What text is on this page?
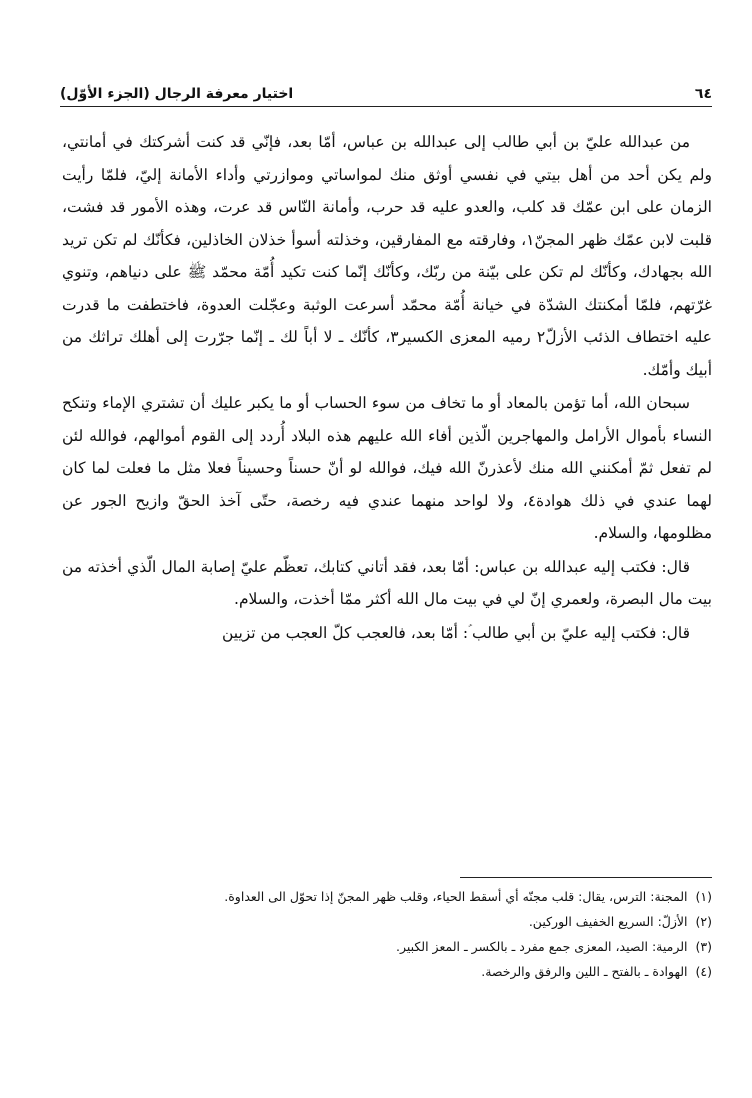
٦٤
اختيار معرفة الرجال (الجزء الأوّل)

من عبدالله عليّ بن أبي طالب إلى عبدالله بن عباس، أمّا بعد، فإنّي قد كنت أشركتك في أمانتي، ولم يكن أحد من أهل بيتي في نفسي أوثق منك لمواساتي وموازرتي وأداء الأمانة إليّ، فلمّا رأيت الزمان على ابن عمّك قد كلب، والعدو عليه قد حرب، وأمانة النّاس قد عرت، وهذه الأمور قد فشت، قلبت لابن عمّك ظهر المجنّ١، وفارقته مع المفارقين، وخذلته أسوأ خذلان الخاذلين، فكأنّك لم تكن تريد الله بجهادك، وكأنّك لم تكن على بيّنة من ربّك، وكأنّك إنّما كنت تكيد أُمّة محمّد ﷺ على دنياهم، وتنوي غرّتهم، فلمّا أمكنتك الشدّة في خيانة أُمّة محمّد أسرعت الوثبة وعجّلت العدوة، فاختطفت ما قدرت عليه اختطاف الذئب الأزلّ٢ رميه المعزى الكسير٣، كأنّك ـ لا أباً لك ـ إنّما جرّرت إلى أهلك تراثك من أبيك وأمّك.

سبحان الله، أما تؤمن بالمعاد أو ما تخاف من سوء الحساب أو ما يكبر عليك أن تشتري الإماء وتنكح النساء بأموال الأرامل والمهاجرين الّذين أفاء الله عليهم هذه البلاد أُردد إلى القوم أموالهم، فوالله لئن لم تفعل ثمّ أمكنني الله منك لأعذرنّ الله فيك، فوالله لو أنّ حسناً وحسيناً فعلا مثل ما فعلت لما كان لهما عندي في ذلك هوادة٤، ولا لواحد منهما عندي فيه رخصة، حتّى آخذ الحقّ وازيح الجور عن مظلومها، والسلام.

قال: فكتب إليه عبدالله بن عباس: أمّا بعد، فقد أتاني كتابك، تعظّم عليّ إصابة المال الّذي أخذته من بيت مال البصرة، ولعمري إنّ لي في بيت مال الله أكثر ممّا أخذت، والسلام.

قال: فكتب إليه عليّ بن أبي طالب ؑ: أمّا بعد، فالعجب كلّ العجب من تزيين

(١) المجنة: الترس، يقال: قلب مجنّه أي أسقط الحياء، وقلب ظهر المجنّ إذا تحوّل الى العداوة.
(٢) الأزلّ: السريع الخفيف الوركين.
(٣) الرمية: الصيد، المعزى جمع مفرد ـ بالكسر ـ المعز الكبير.
(٤) الهوادة ـ بالفتح ـ اللين والرفق والرخصة.
